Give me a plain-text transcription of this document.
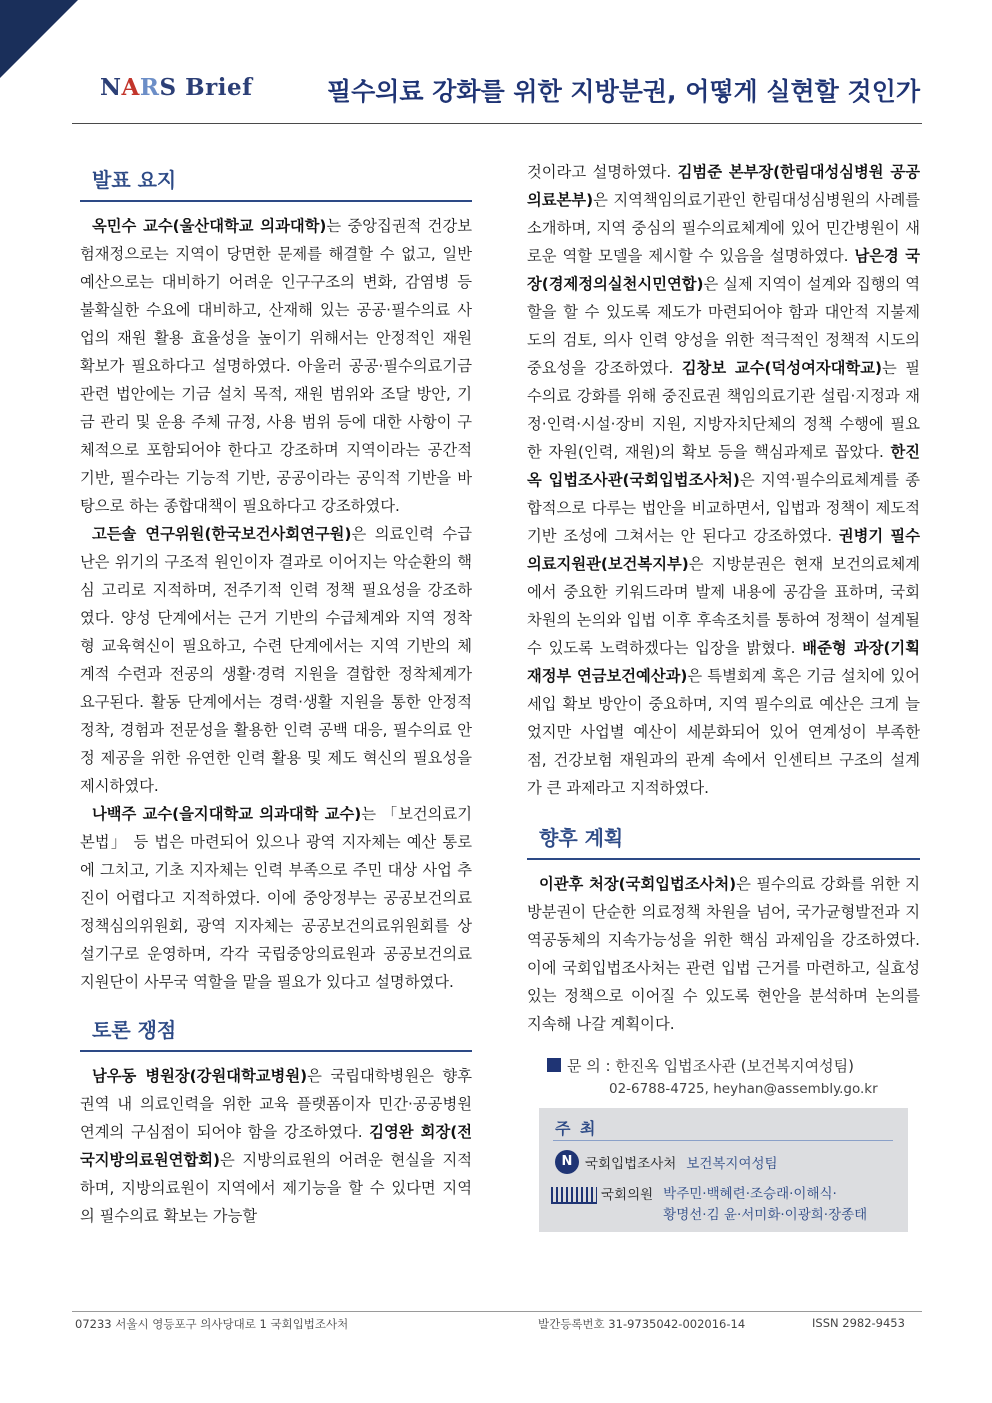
NARS Brief	필수의료 강화를 위한 지방분권, 어떻게 실현할 것인가
발표 요지

옥민수 교수(울산대학교 의과대학)는 중앙집권적 건강보험재정으로는 지역이 당면한 문제를 해결할 수 없고, 일반 예산으로는 대비하기 어려운 인구구조의 변화, 감염병 등 불확실한 수요에 대비하고, 산재해 있는 공공·필수의료 사업의 재원 활용 효율성을 높이기 위해서는 안정적인 재원 확보가 필요하다고 설명하였다. 아울러 공공·필수의료기금 관련 법안에는 기금 설치 목적, 재원 범위와 조달 방안, 기금 관리 및 운용 주체 규정, 사용 범위 등에 대한 사항이 구체적으로 포함되어야 한다고 강조하며 지역이라는 공간적 기반, 필수라는 기능적 기반, 공공이라는 공익적 기반을 바탕으로 하는 종합대책이 필요하다고 강조하였다.

고든솔 연구위원(한국보건사회연구원)은 의료인력 수급난은 위기의 구조적 원인이자 결과로 이어지는 악순환의 핵심 고리로 지적하며, 전주기적 인력 정책 필요성을 강조하였다. 양성 단계에서는 근거 기반의 수급체계와 지역 정착형 교육혁신이 필요하고, 수련 단계에서는 지역 기반의 체계적 수련과 전공의 생활·경력 지원을 결합한 정착체계가 요구된다. 활동 단계에서는 경력·생활 지원을 통한 안정적 정착, 경험과 전문성을 활용한 인력 공백 대응, 필수의료 안정 제공을 위한 유연한 인력 활용 및 제도 혁신의 필요성을 제시하였다.

나백주 교수(을지대학교 의과대학 교수)는 「보건의료기본법」 등 법은 마련되어 있으나 광역 지자체는 예산 통로에 그치고, 기초 지자체는 인력 부족으로 주민 대상 사업 추진이 어렵다고 지적하였다. 이에 중앙정부는 공공보건의료정책심의위원회, 광역 지자체는 공공보건의료위원회를 상설기구로 운영하며, 각각 국립중앙의료원과 공공보건의료지원단이 사무국 역할을 맡을 필요가 있다고 설명하였다.

토론 쟁점

남우동 병원장(강원대학교병원)은 국립대학병원은 향후 권역 내 의료인력을 위한 교육 플랫폼이자 민간·공공병원 연계의 구심점이 되어야 함을 강조하였다. 김영완 회장(전국지방의료원연합회)은 지방의료원의 어려운 현실을 지적하며, 지방의료원이 지역에서 제기능을 할 수 있다면 지역의 필수의료 확보는 가능할

것이라고 설명하였다. 김범준 본부장(한림대성심병원 공공의료본부)은 지역책임의료기관인 한림대성심병원의 사례를 소개하며, 지역 중심의 필수의료체계에 있어 민간병원이 새로운 역할 모델을 제시할 수 있음을 설명하였다. 남은경 국장(경제정의실천시민연합)은 실제 지역이 설계와 집행의 역할을 할 수 있도록 제도가 마련되어야 함과 대안적 지불제도의 검토, 의사 인력 양성을 위한 적극적인 정책적 시도의 중요성을 강조하였다. 김창보 교수(덕성여자대학교)는 필수의료 강화를 위해 중진료권 책임의료기관 설립·지정과 재정·인력·시설·장비 지원, 지방자치단체의 정책 수행에 필요한 자원(인력, 재원)의 확보 등을 핵심과제로 꼽았다. 한진옥 입법조사관(국회입법조사처)은 지역·필수의료체계를 종합적으로 다루는 법안을 비교하면서, 입법과 정책이 제도적 기반 조성에 그쳐서는 안 된다고 강조하였다. 권병기 필수의료지원관(보건복지부)은 지방분권은 현재 보건의료체계에서 중요한 키워드라며 발제 내용에 공감을 표하며, 국회 차원의 논의와 입법 이후 후속조치를 통하여 정책이 설계될 수 있도록 노력하겠다는 입장을 밝혔다. 배준형 과장(기획재정부 연금보건예산과)은 특별회계 혹은 기금 설치에 있어 세입 확보 방안이 중요하며, 지역 필수의료 예산은 크게 늘었지만 사업별 예산이 세분화되어 있어 연계성이 부족한 점, 건강보험 재원과의 관계 속에서 인센티브 구조의 설계가 큰 과제라고 지적하였다.

향후 계획

이관후 처장(국회입법조사처)은 필수의료 강화를 위한 지방분권이 단순한 의료정책 차원을 넘어, 국가균형발전과 지역공동체의 지속가능성을 위한 핵심 과제임을 강조하였다. 이에 국회입법조사처는 관련 입법 근거를 마련하고, 실효성 있는 정책으로 이어질 수 있도록 현안을 분석하며 논의를 지속해 나갈 계획이다.

문 의 : 한진옥 입법조사관 (보건복지여성팀)
02-6788-4725, heyhan@assembly.go.kr
주 최
N 국회입법조사처 보건복지여성팀
국회의원 박주민·백혜련·조승래·이해식·
황명선·김 윤·서미화·이광희·장종태
07233 서울시 영등포구 의사당대로 1 국회입법조사처	발간등록번호 31-9735042-002016-14	ISSN 2982-9453
